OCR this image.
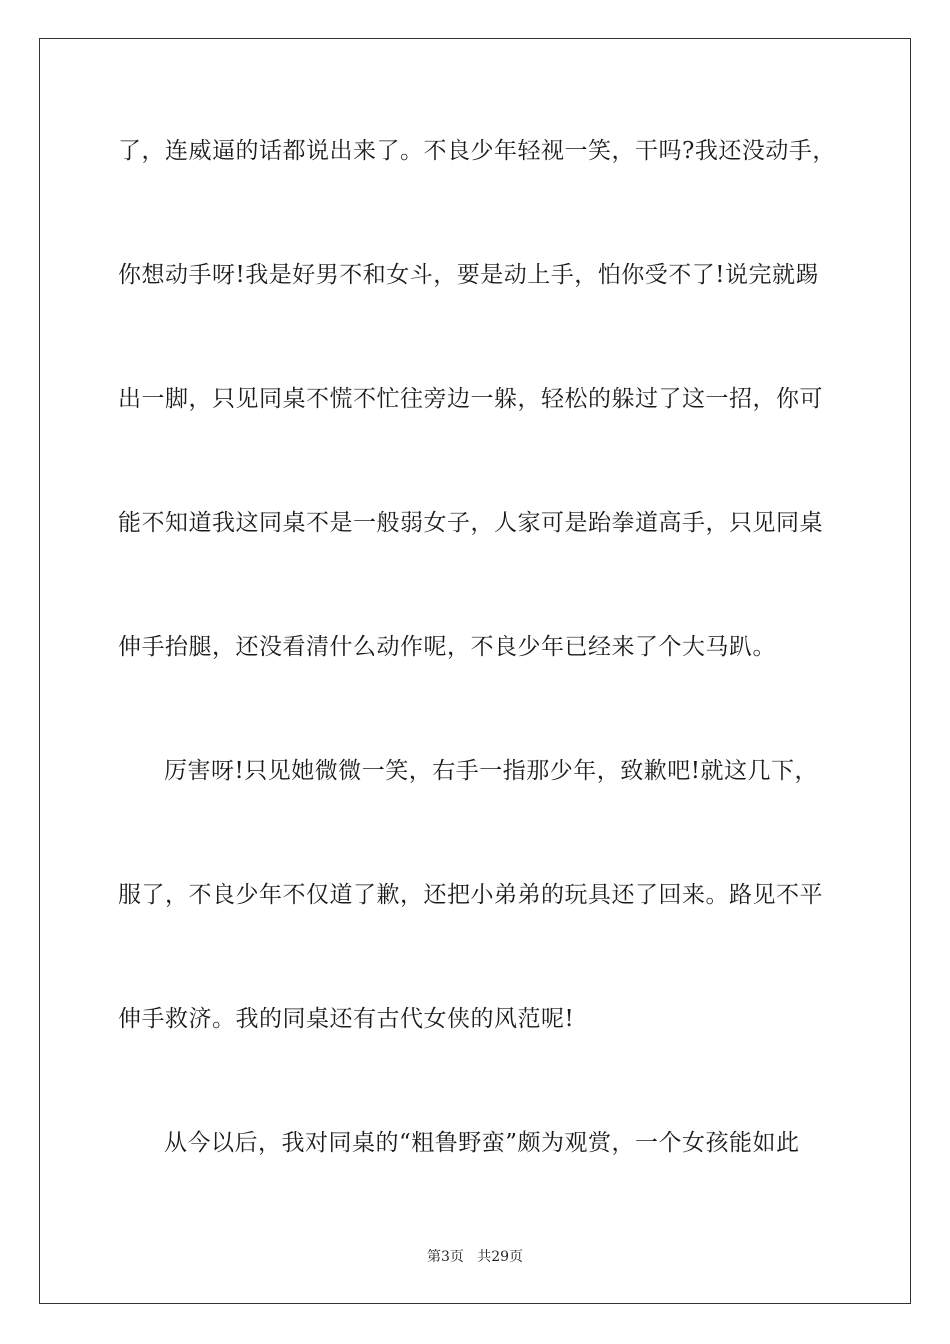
了，连威逼的话都说出来了。不良少年轻视一笑，干吗?我还没动手，
你想动手呀!我是好男不和女斗，要是动上手，怕你受不了!说完就踢
出一脚，只见同桌不慌不忙往旁边一躲，轻松的躲过了这一招，你可
能不知道我这同桌不是一般弱女子，人家可是跆拳道高手，只见同桌
伸手抬腿，还没看清什么动作呢，不良少年已经来了个大马趴。
厉害呀!只见她微微一笑，右手一指那少年，致歉吧!就这几下，
服了，不良少年不仅道了歉，还把小弟弟的玩具还了回来。路见不平
伸手救济。我的同桌还有古代女侠的风范呢!
从今以后，我对同桌的“粗鲁野蛮”颇为观赏，一个女孩能如此
第3页   共29页
